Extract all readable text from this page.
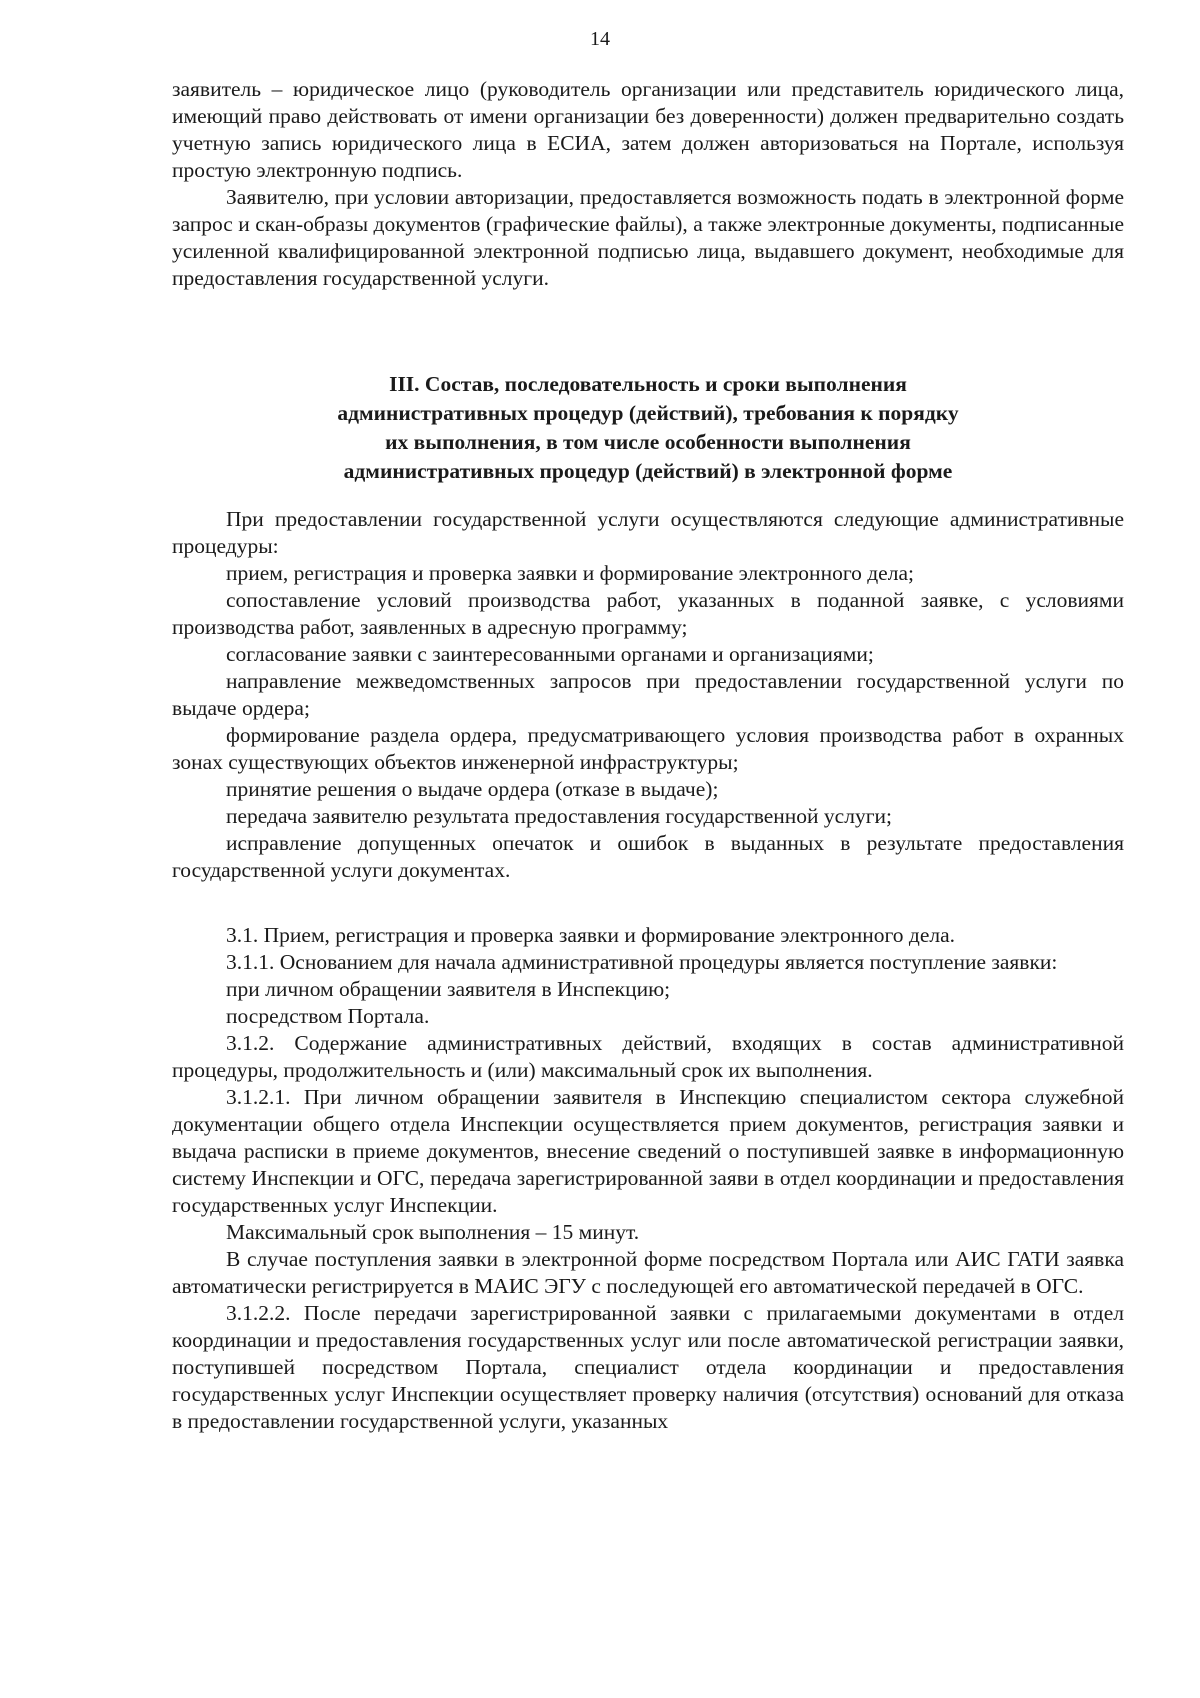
14

заявитель – юридическое лицо (руководитель организации или представитель юридического лица, имеющий право действовать от имени организации без доверенности) должен предварительно создать учетную запись юридического лица в ЕСИА, затем должен авторизоваться на Портале, используя простую электронную подпись.

Заявителю, при условии авторизации, предоставляется возможность подать в электронной форме запрос и скан-образы документов (графические файлы), а также электронные документы, подписанные усиленной квалифицированной электронной подписью лица, выдавшего документ, необходимые для предоставления государственной услуги.

III. Состав, последовательность и сроки выполнения
административных процедур (действий), требования к порядку
их выполнения, в том числе особенности выполнения
административных процедур (действий) в электронной форме

При предоставлении государственной услуги осуществляются следующие административные процедуры:

прием, регистрация и проверка заявки и формирование электронного дела;

сопоставление условий производства работ, указанных в поданной заявке, с условиями производства работ, заявленных в адресную программу;

согласование заявки с заинтересованными органами и организациями;

направление межведомственных запросов при предоставлении государственной услуги по выдаче ордера;

формирование раздела ордера, предусматривающего условия производства работ в охранных зонах существующих объектов инженерной инфраструктуры;

принятие решения о выдаче ордера (отказе в выдаче);

передача заявителю результата предоставления государственной услуги;

исправление допущенных опечаток и ошибок в выданных в результате предоставления государственной услуги документах.

3.1. Прием, регистрация и проверка заявки и формирование электронного дела.

3.1.1. Основанием для начала административной процедуры является поступление заявки:

при личном обращении заявителя в Инспекцию;

посредством Портала.

3.1.2. Содержание административных действий, входящих в состав административной процедуры, продолжительность и (или) максимальный срок их выполнения.

3.1.2.1. При личном обращении заявителя в Инспекцию специалистом сектора служебной документации общего отдела Инспекции осуществляется прием документов, регистрация заявки и выдача расписки в приеме документов, внесение сведений о поступившей заявке в информационную систему Инспекции и ОГС, передача зарегистрированной заяви в отдел координации и предоставления государственных услуг Инспекции.

Максимальный срок выполнения – 15 минут.

В случае поступления заявки в электронной форме посредством Портала или АИС ГАТИ заявка автоматически регистрируется в МАИС ЭГУ с последующей его автоматической передачей в ОГС.

3.1.2.2. После передачи зарегистрированной заявки с прилагаемыми документами в отдел координации и предоставления государственных услуг или после автоматической регистрации заявки, поступившей посредством Портала, специалист отдела координации и предоставления государственных услуг Инспекции осуществляет проверку наличия (отсутствия) оснований для отказа в предоставлении государственной услуги, указанных
